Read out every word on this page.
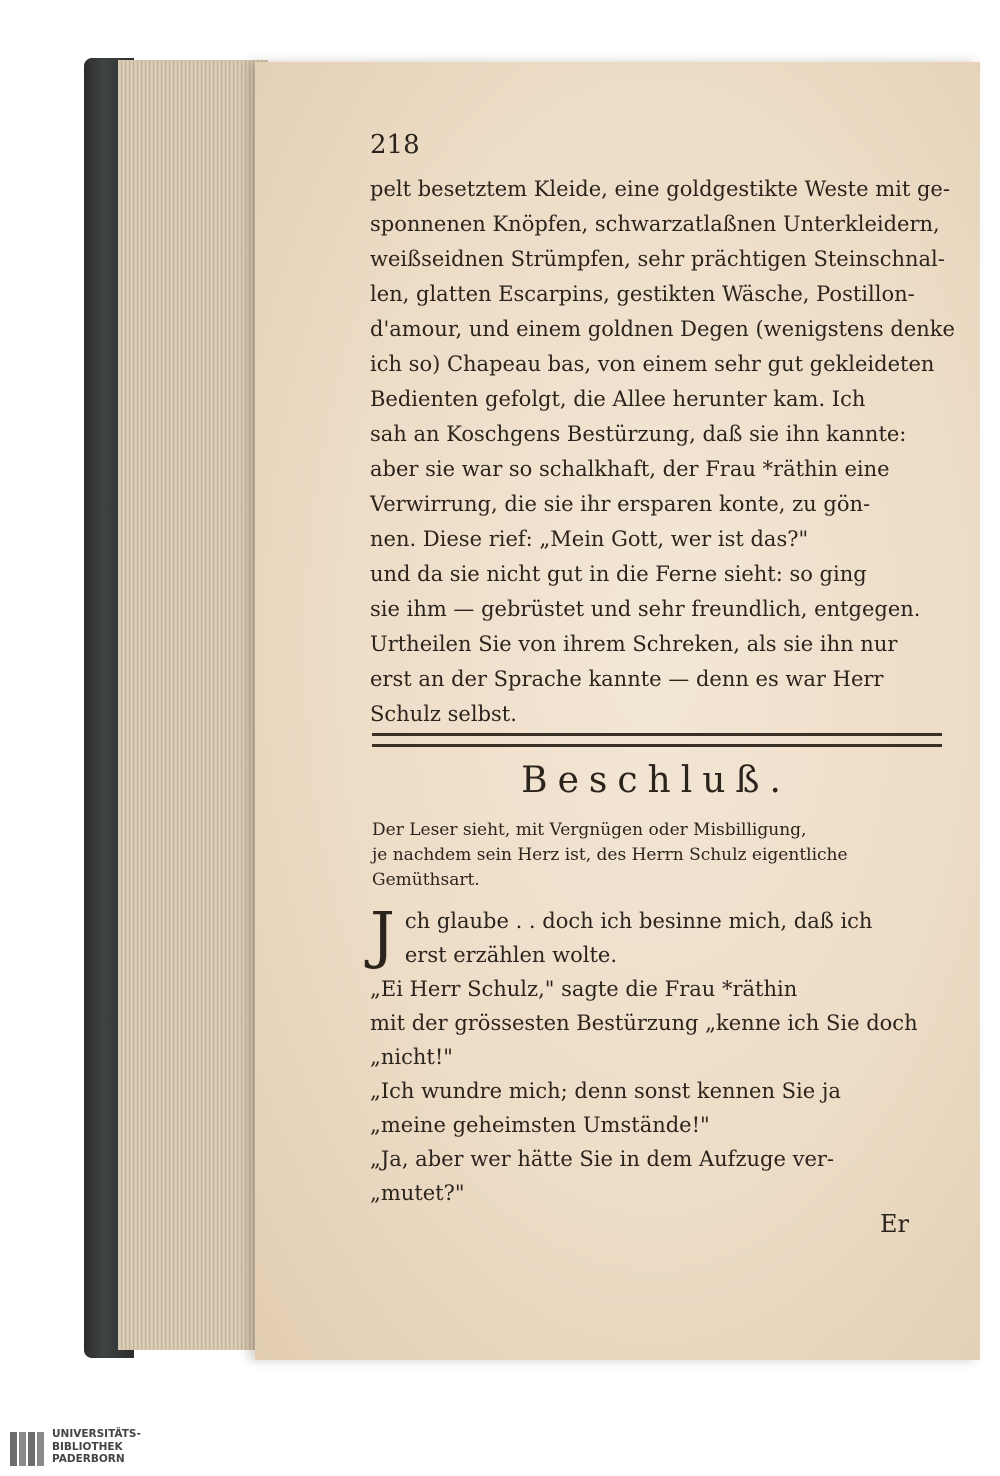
218
pelt besetztem Kleide, eine goldgestikte Weste mit ge-
sponnenen Knöpfen, schwarzatlaßnen Unterkleidern,
weißseidnen Strümpfen, sehr prächtigen Steinschnal-
len, glatten Escarpins, gestikten Wäsche, Postillon-
d'amour, und einem goldnen Degen (wenigstens denke
ich so) Chapeau bas, von einem sehr gut gekleideten
Bedienten gefolgt, die Allee herunter kam. Ich
sah an Koschgens Bestürzung, daß sie ihn kannte:
aber sie war so schalkhaft, der Frau *räthin eine
Verwirrung, die sie ihr ersparen konte, zu gön-
nen. Diese rief: „Mein Gott, wer ist das?"
und da sie nicht gut in die Ferne sieht: so ging
sie ihm — gebrüstet und sehr freundlich, entgegen.
Urtheilen Sie von ihrem Schreken, als sie ihn nur
erst an der Sprache kannte — denn es war Herr
Schulz selbst.
Beschluß.
Der Leser sieht, mit Vergnügen oder Misbilligung,
je nachdem sein Herz ist, des Herrn Schulz eigentliche
Gemüthsart.
J ch glaube . . doch ich besinne mich, daß ich
erst erzählen wolte.
„Ei Herr Schulz," sagte die Frau *räthin
mit der grössesten Bestürzung „kenne ich Sie doch
„nicht!"
„Ich wundre mich; denn sonst kennen Sie ja
„meine geheimsten Umstände!"
„Ja, aber wer hätte Sie in dem Aufzuge ver-
„mutet?"
Er
UNIVERSITÄTS-
BIBLIOTHEK
PADERBORN
